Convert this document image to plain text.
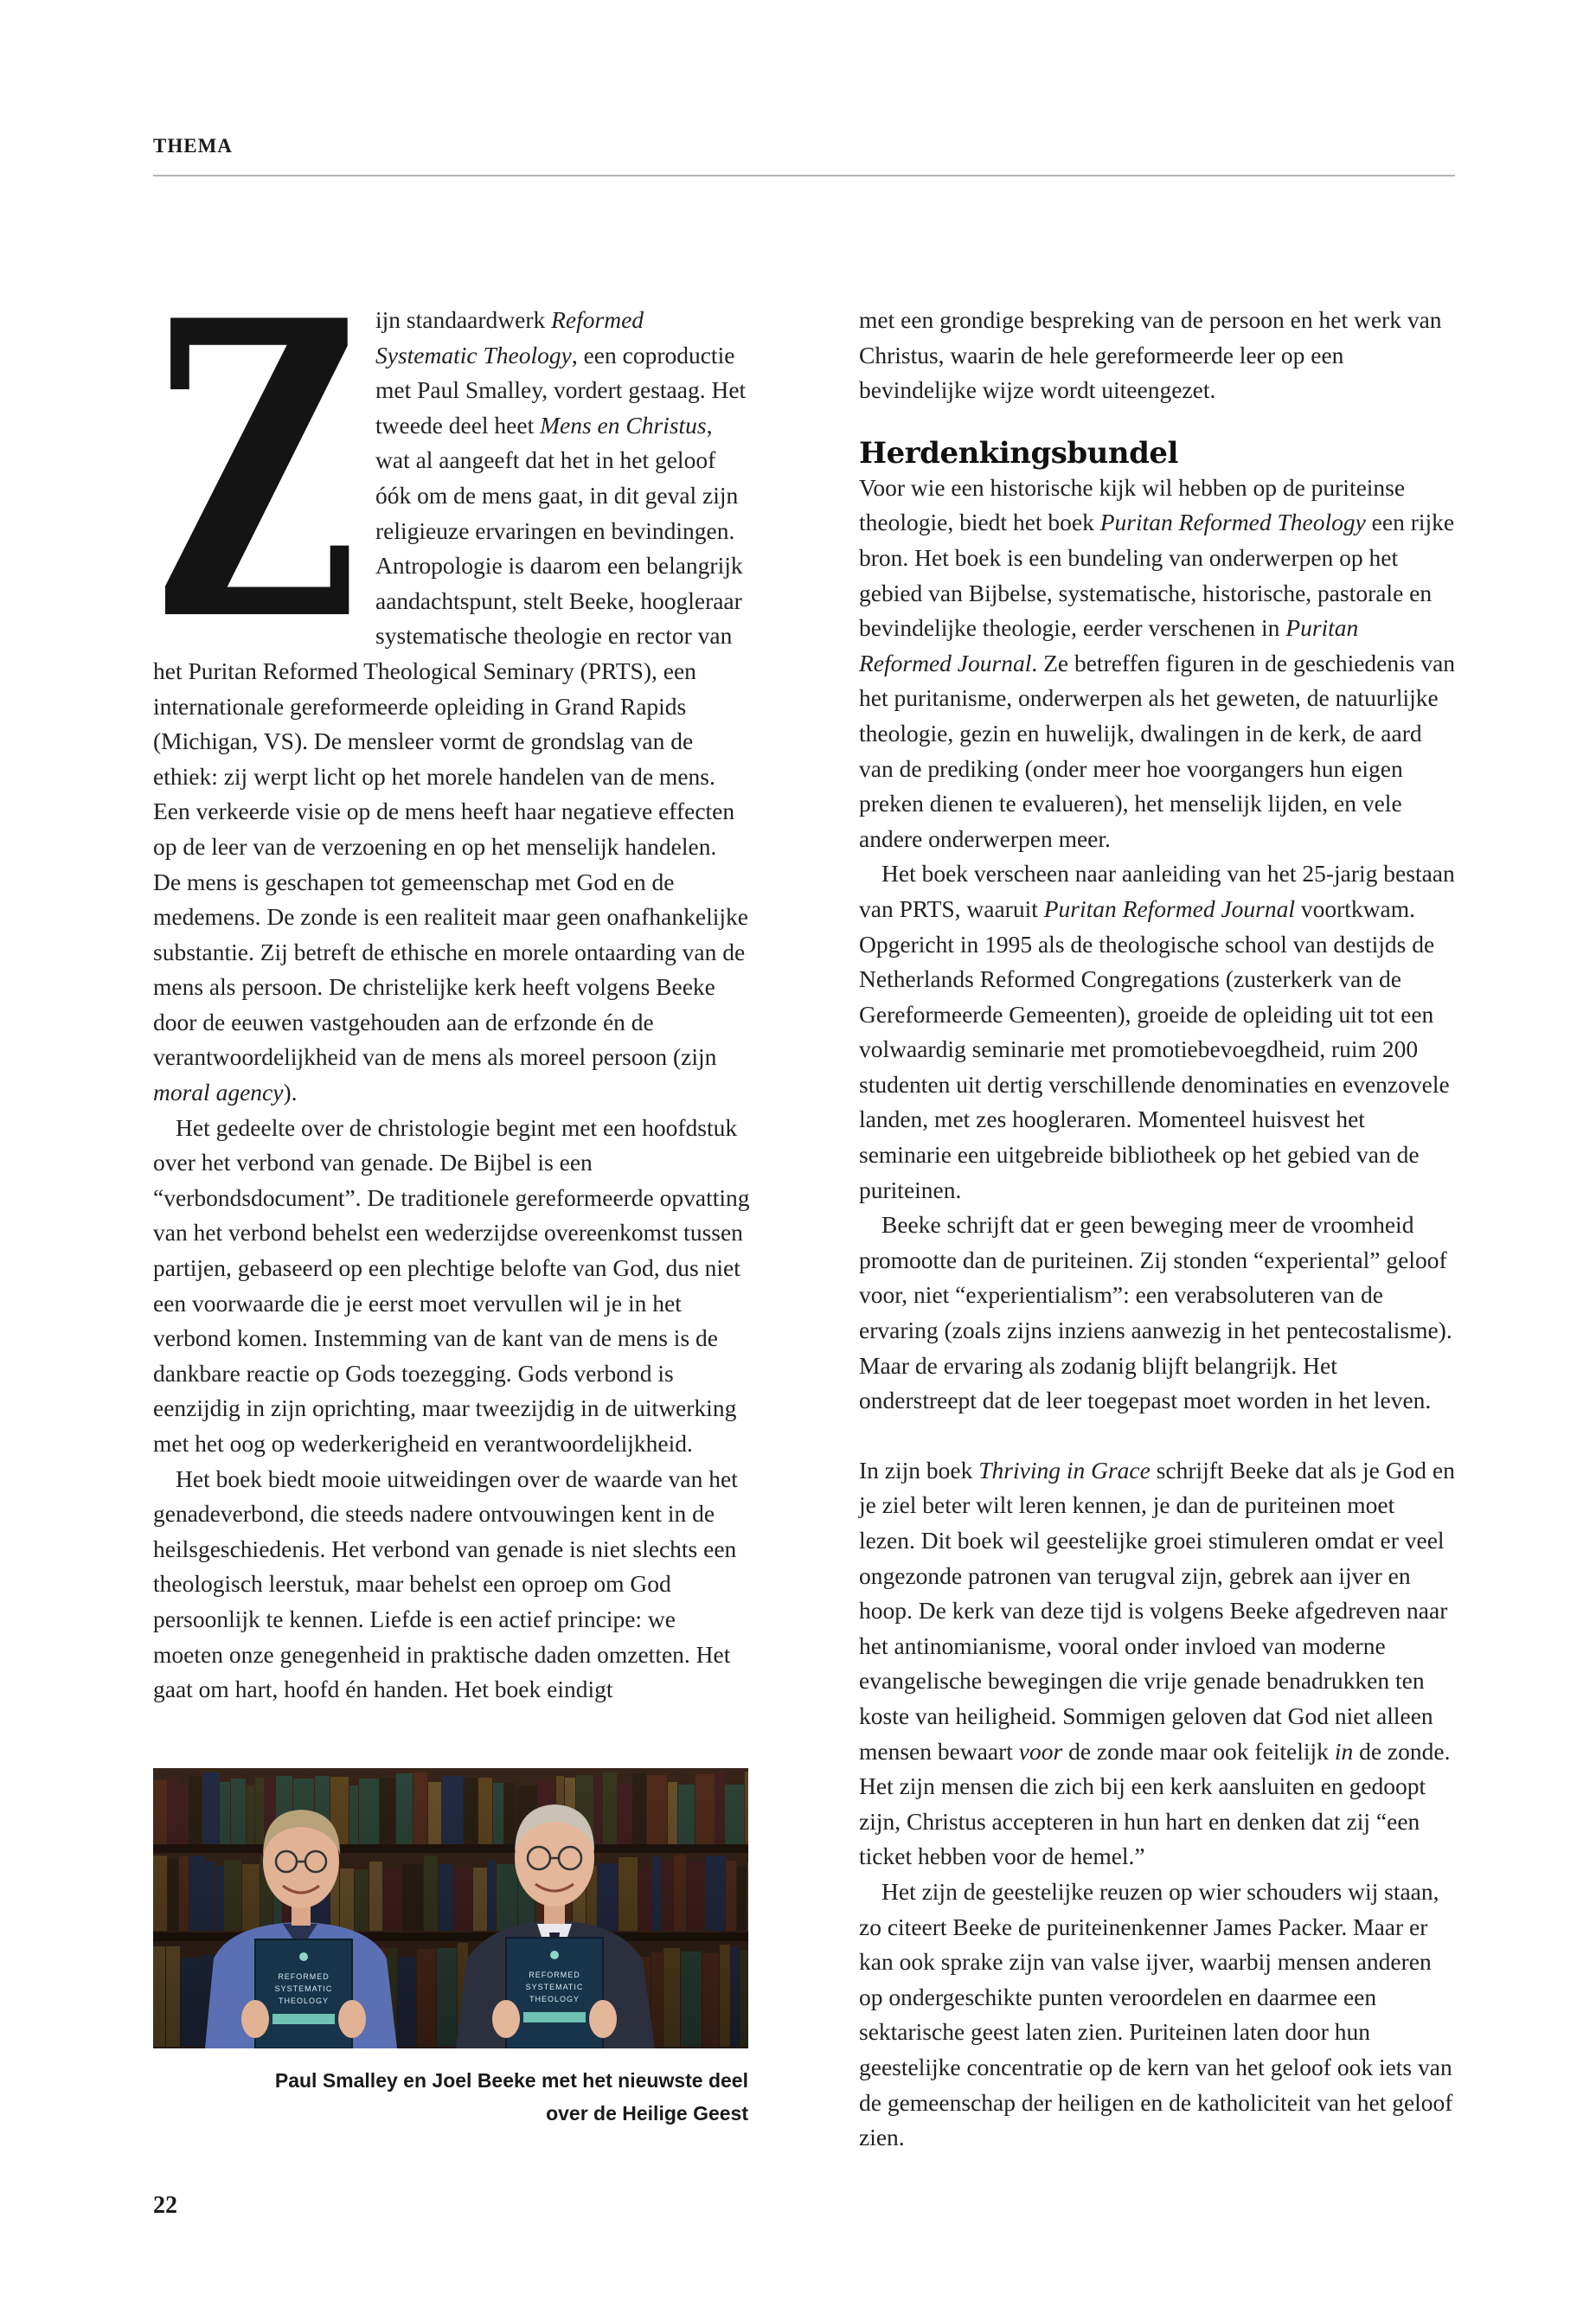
THEMA
Z ijn standaardwerk Reformed Systematic Theology, een coproductie met Paul Smalley, vordert gestaag. Het tweede deel heet Mens en Christus, wat al aangeeft dat het in het geloof óók om de mens gaat, in dit geval zijn religieuze ervaringen en bevindingen. Antropologie is daarom een belangrijk aandachtspunt, stelt Beeke, hoogleraar systematische theologie en rector van het Puritan Reformed Theological Seminary (PRTS), een internationale gereformeerde opleiding in Grand Rapids (Michigan, VS). De mensleer vormt de grondslag van de ethiek: zij werpt licht op het morele handelen van de mens. Een verkeerde visie op de mens heeft haar negatieve effecten op de leer van de verzoening en op het menselijk handelen. De mens is geschapen tot gemeenschap met God en de medemens. De zonde is een realiteit maar geen onafhankelijke substantie. Zij betreft de ethische en morele ontaarding van de mens als persoon. De christelijke kerk heeft volgens Beeke door de eeuwen vastgehouden aan de erfzonde én de verantwoordelijkheid van de mens als moreel persoon (zijn moral agency).

Het gedeelte over de christologie begint met een hoofdstuk over het verbond van genade. De Bijbel is een “verbondsdocument”. De traditionele gereformeerde opvatting van het verbond behelst een wederzijdse overeenkomst tussen partijen, gebaseerd op een plechtige belofte van God, dus niet een voorwaarde die je eerst moet vervullen wil je in het verbond komen. Instemming van de kant van de mens is de dankbare reactie op Gods toezegging. Gods verbond is eenzijdig in zijn oprichting, maar tweezijdig in de uitwerking met het oog op wederkerigheid en verantwoordelijkheid.

Het boek biedt mooie uitweidingen over de waarde van het genadeverbond, die steeds nadere ontvouwingen kent in de heilsgeschiedenis. Het verbond van genade is niet slechts een theologisch leerstuk, maar behelst een oproep om God persoonlijk te kennen. Liefde is een actief principe: we moeten onze genegenheid in praktische daden omzetten. Het gaat om hart, hoofd én handen. Het boek eindigt

met een grondige bespreking van de persoon en het werk van Christus, waarin de hele gereformeerde leer op een bevindelijke wijze wordt uiteengezet.

Herdenkingsbundel

Voor wie een historische kijk wil hebben op de puriteinse theologie, biedt het boek Puritan Reformed Theology een rijke bron. Het boek is een bundeling van onderwerpen op het gebied van Bijbelse, systematische, historische, pastorale en bevindelijke theologie, eerder verschenen in Puritan Reformed Journal. Ze betreffen figuren in de geschiedenis van het puritanisme, onderwerpen als het geweten, de natuurlijke theologie, gezin en huwelijk, dwalingen in de kerk, de aard van de prediking (onder meer hoe voorgangers hun eigen preken dienen te evalueren), het menselijk lijden, en vele andere onderwerpen meer.

Het boek verscheen naar aanleiding van het 25-jarig bestaan van PRTS, waaruit Puritan Reformed Journal voortkwam. Opgericht in 1995 als de theologische school van destijds de Netherlands Reformed Congregations (zusterkerk van de Gereformeerde Gemeenten), groeide de opleiding uit tot een volwaardig seminarie met promotiebevoegdheid, ruim 200 studenten uit dertig verschillende denominaties en evenzovele landen, met zes hoogleraren. Momenteel huisvest het seminarie een uitgebreide bibliotheek op het gebied van de puriteinen.

Beeke schrijft dat er geen beweging meer de vroomheid promootte dan de puriteinen. Zij stonden “experiental” geloof voor, niet “experientialism”: een verabsoluteren van de ervaring (zoals zijns inziens aanwezig in het pentecostalisme). Maar de ervaring als zodanig blijft belangrijk. Het onderstreept dat de leer toegepast moet worden in het leven.

In zijn boek Thriving in Grace schrijft Beeke dat als je God en je ziel beter wilt leren kennen, je dan de puriteinen moet lezen. Dit boek wil geestelijke groei stimuleren omdat er veel ongezonde patronen van terugval zijn, gebrek aan ijver en hoop. De kerk van deze tijd is volgens Beeke afgedreven naar het antinomianisme, vooral onder invloed van moderne evangelische bewegingen die vrije genade benadrukken ten koste van heiligheid. Sommigen geloven dat God niet alleen mensen bewaart voor de zonde maar ook feitelijk in de zonde. Het zijn mensen die zich bij een kerk aansluiten en gedoopt zijn, Christus accepteren in hun hart en denken dat zij “een ticket hebben voor de hemel.”

Het zijn de geestelijke reuzen op wier schouders wij staan, zo citeert Beeke de puriteinenkenner James Packer. Maar er kan ook sprake zijn van valse ijver, waarbij mensen anderen op ondergeschikte punten veroordelen en daarmee een sektarische geest laten zien. Puriteinen laten door hun geestelijke concentratie op de kern van het geloof ook iets van de gemeenschap der heiligen en de katholiciteit van het geloof zien.

REFORMED
SYSTEMATIC
THEOLOGY
REFORMED
SYSTEMATIC
THEOLOGY
Paul Smalley en Joel Beeke met het nieuwste deel
over de Heilige Geest
22
